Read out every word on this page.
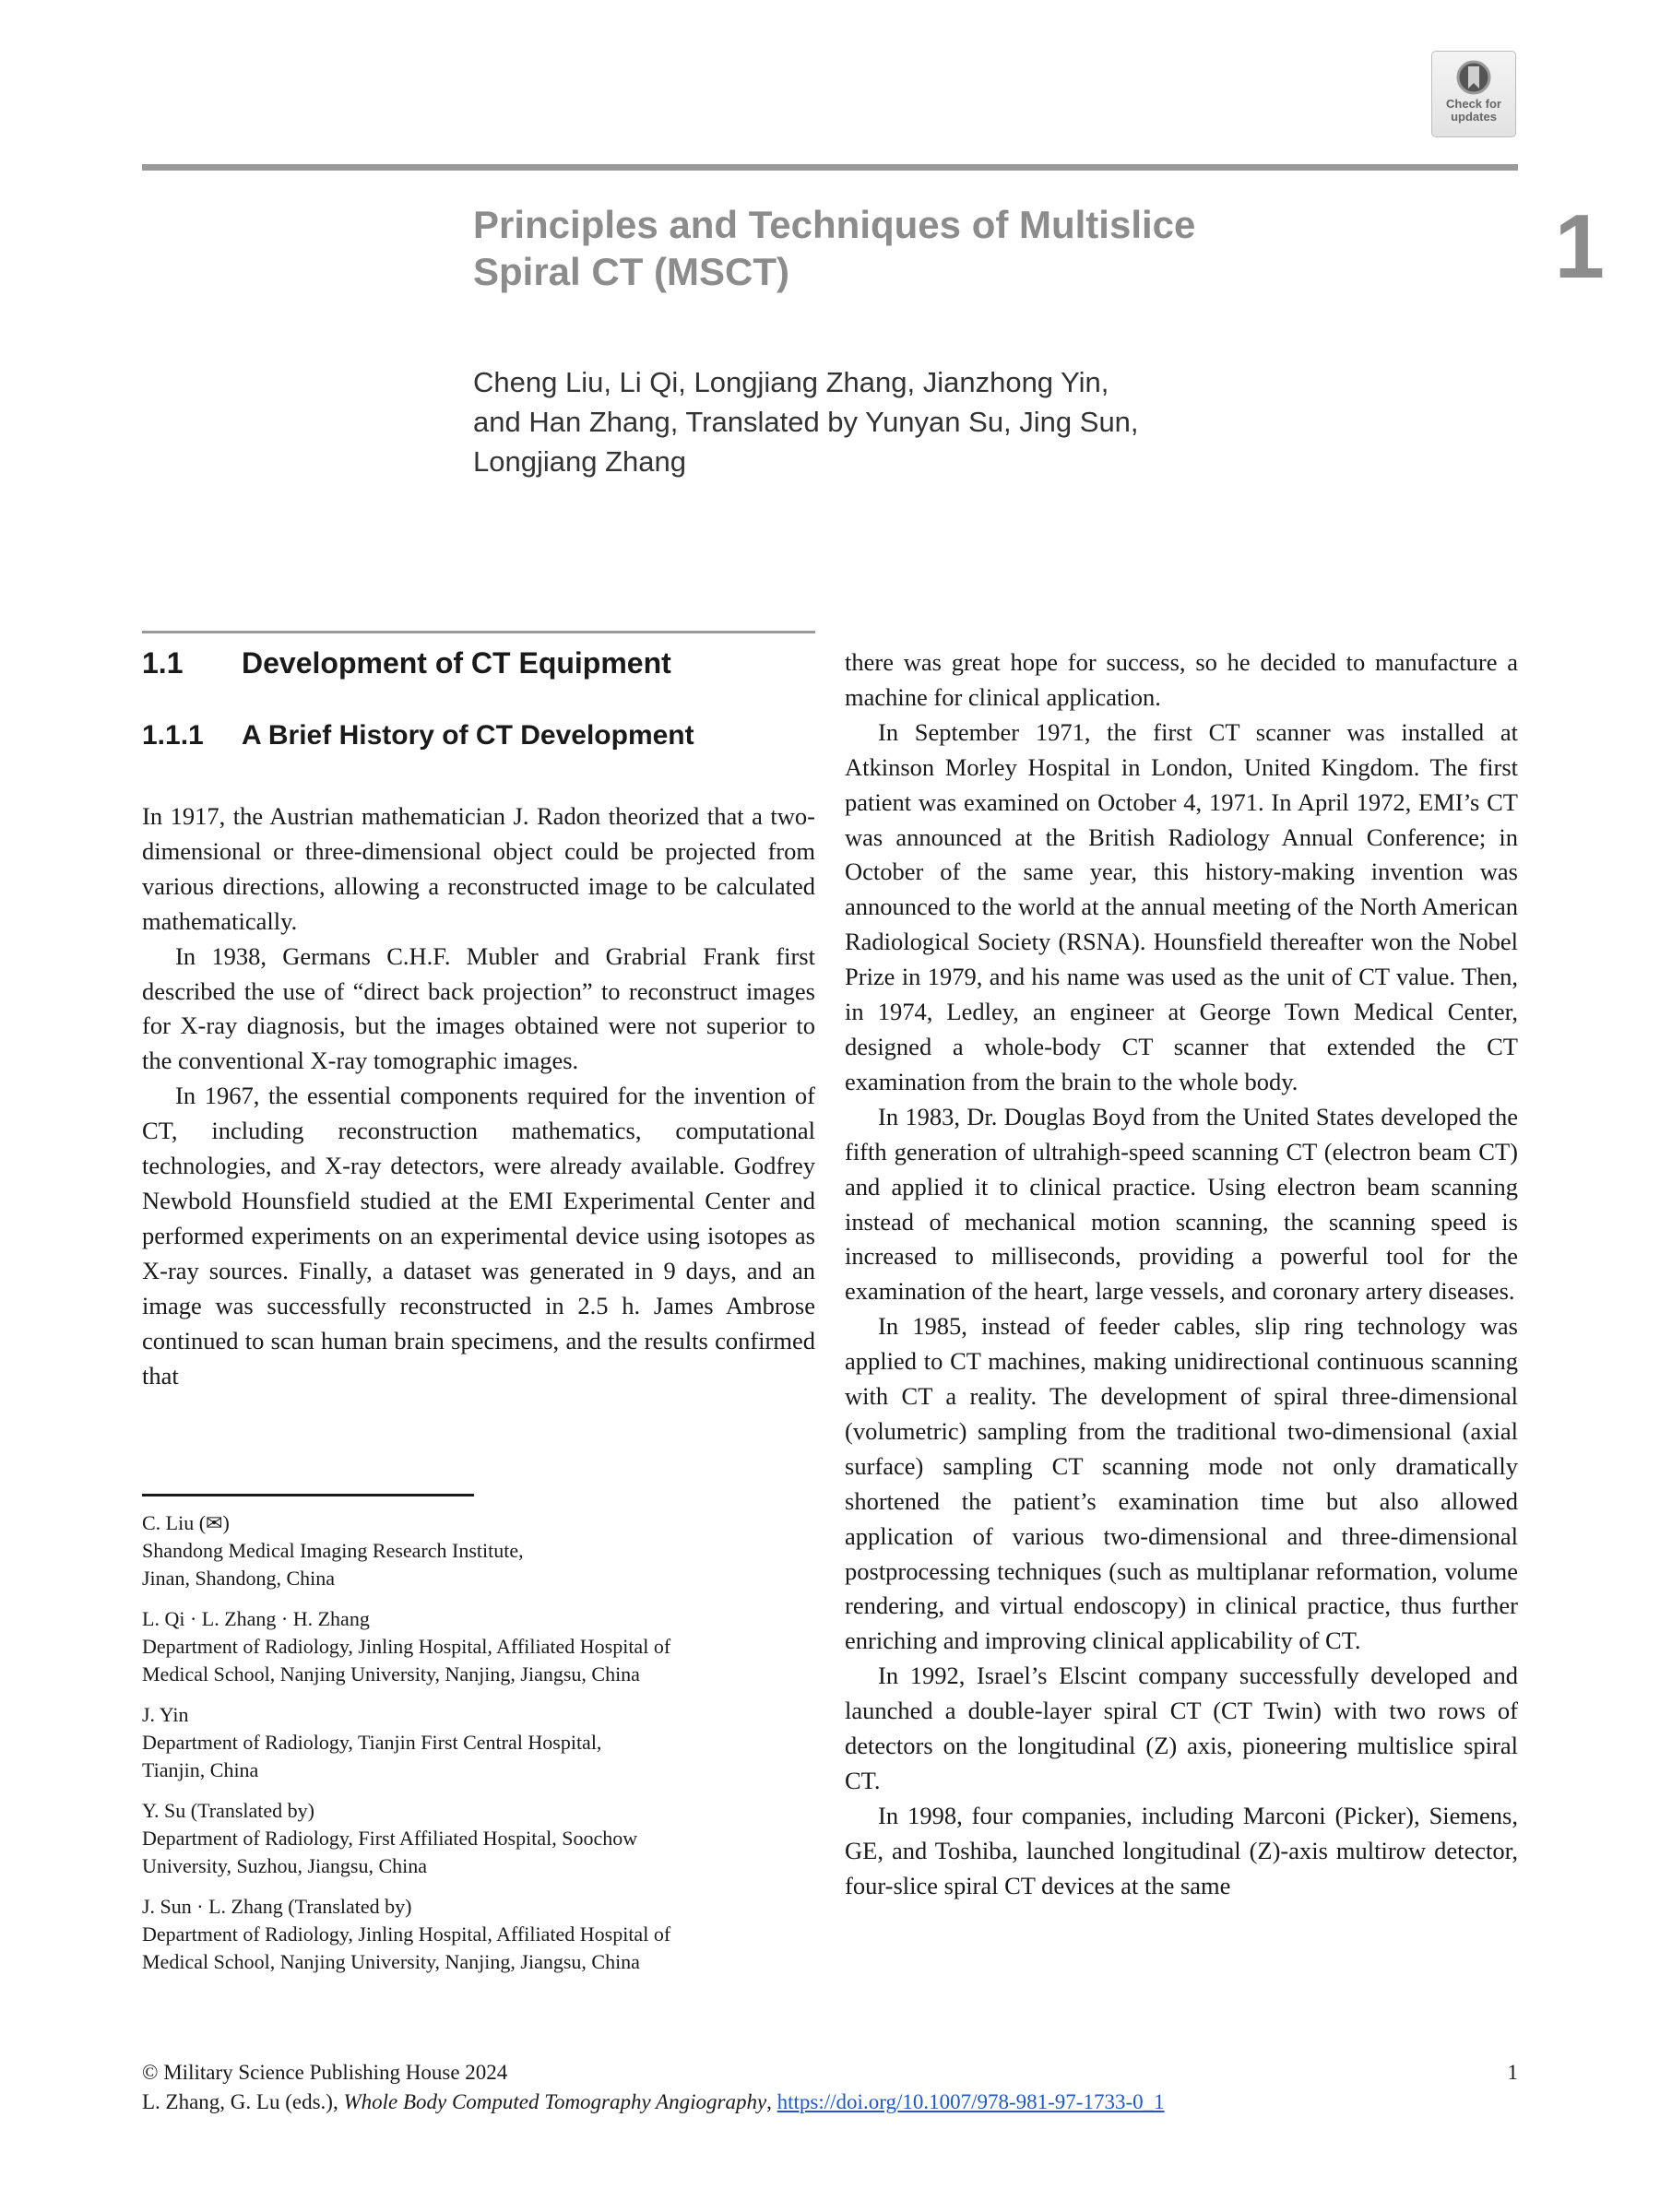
Check for
updates
Principles and Techniques of Multislice
Spiral CT (MSCT)	1
Cheng Liu, Li Qi, Longjiang Zhang, Jianzhong Yin,
and Han Zhang, Translated by Yunyan Su, Jing Sun,
Longjiang Zhang
1.1	Development of CT Equipment
1.1.1	A Brief History of CT Development

In 1917, the Austrian mathematician J. Radon theorized that a two-dimensional or three-dimensional object could be projected from various directions, allowing a reconstructed image to be calculated mathematically.

In 1938, Germans C.H.F. Mubler and Grabrial Frank first described the use of “direct back projection” to reconstruct images for X-ray diagnosis, but the images obtained were not superior to the conventional X-ray tomographic images.

In 1967, the essential components required for the invention of CT, including reconstruction mathematics, computational technologies, and X-ray detectors, were already available. Godfrey Newbold Hounsfield studied at the EMI Experimental Center and performed experiments on an experimental device using isotopes as X-ray sources. Finally, a dataset was generated in 9 days, and an image was successfully reconstructed in 2.5 h. James Ambrose continued to scan human brain specimens, and the results confirmed that

C. Liu (✉)
Shandong Medical Imaging Research Institute,
Jinan, Shandong, China
L. Qi · L. Zhang · H. Zhang
Department of Radiology, Jinling Hospital, Affiliated Hospital of
Medical School, Nanjing University, Nanjing, Jiangsu, China
J. Yin
Department of Radiology, Tianjin First Central Hospital,
Tianjin, China
Y. Su (Translated by)
Department of Radiology, First Affiliated Hospital, Soochow
University, Suzhou, Jiangsu, China
J. Sun · L. Zhang (Translated by)
Department of Radiology, Jinling Hospital, Affiliated Hospital of
Medical School, Nanjing University, Nanjing, Jiangsu, China

there was great hope for success, so he decided to manufacture a machine for clinical application.

In September 1971, the first CT scanner was installed at Atkinson Morley Hospital in London, United Kingdom. The first patient was examined on October 4, 1971. In April 1972, EMI’s CT was announced at the British Radiology Annual Conference; in October of the same year, this history-making invention was announced to the world at the annual meeting of the North American Radiological Society (RSNA). Hounsfield thereafter won the Nobel Prize in 1979, and his name was used as the unit of CT value. Then, in 1974, Ledley, an engineer at George Town Medical Center, designed a whole-body CT scanner that extended the CT examination from the brain to the whole body.

In 1983, Dr. Douglas Boyd from the United States developed the fifth generation of ultrahigh-speed scanning CT (electron beam CT) and applied it to clinical practice. Using electron beam scanning instead of mechanical motion scanning, the scanning speed is increased to milliseconds, providing a powerful tool for the examination of the heart, large vessels, and coronary artery diseases.

In 1985, instead of feeder cables, slip ring technology was applied to CT machines, making unidirectional continuous scanning with CT a reality. The development of spiral three-dimensional (volumetric) sampling from the traditional two-dimensional (axial surface) sampling CT scanning mode not only dramatically shortened the patient’s examination time but also allowed application of various two-dimensional and three-dimensional postprocessing techniques (such as multiplanar reformation, volume rendering, and virtual endoscopy) in clinical practice, thus further enriching and improving clinical applicability of CT.

In 1992, Israel’s Elscint company successfully developed and launched a double-layer spiral CT (CT Twin) with two rows of detectors on the longitudinal (Z) axis, pioneering multislice spiral CT.

In 1998, four companies, including Marconi (Picker), Siemens, GE, and Toshiba, launched longitudinal (Z)-axis multirow detector, four-slice spiral CT devices at the same

© Military Science Publishing House 2024
L. Zhang, G. Lu (eds.), Whole Body Computed Tomography Angiography, https://doi.org/10.1007/978-981-97-1733-0_1
1
